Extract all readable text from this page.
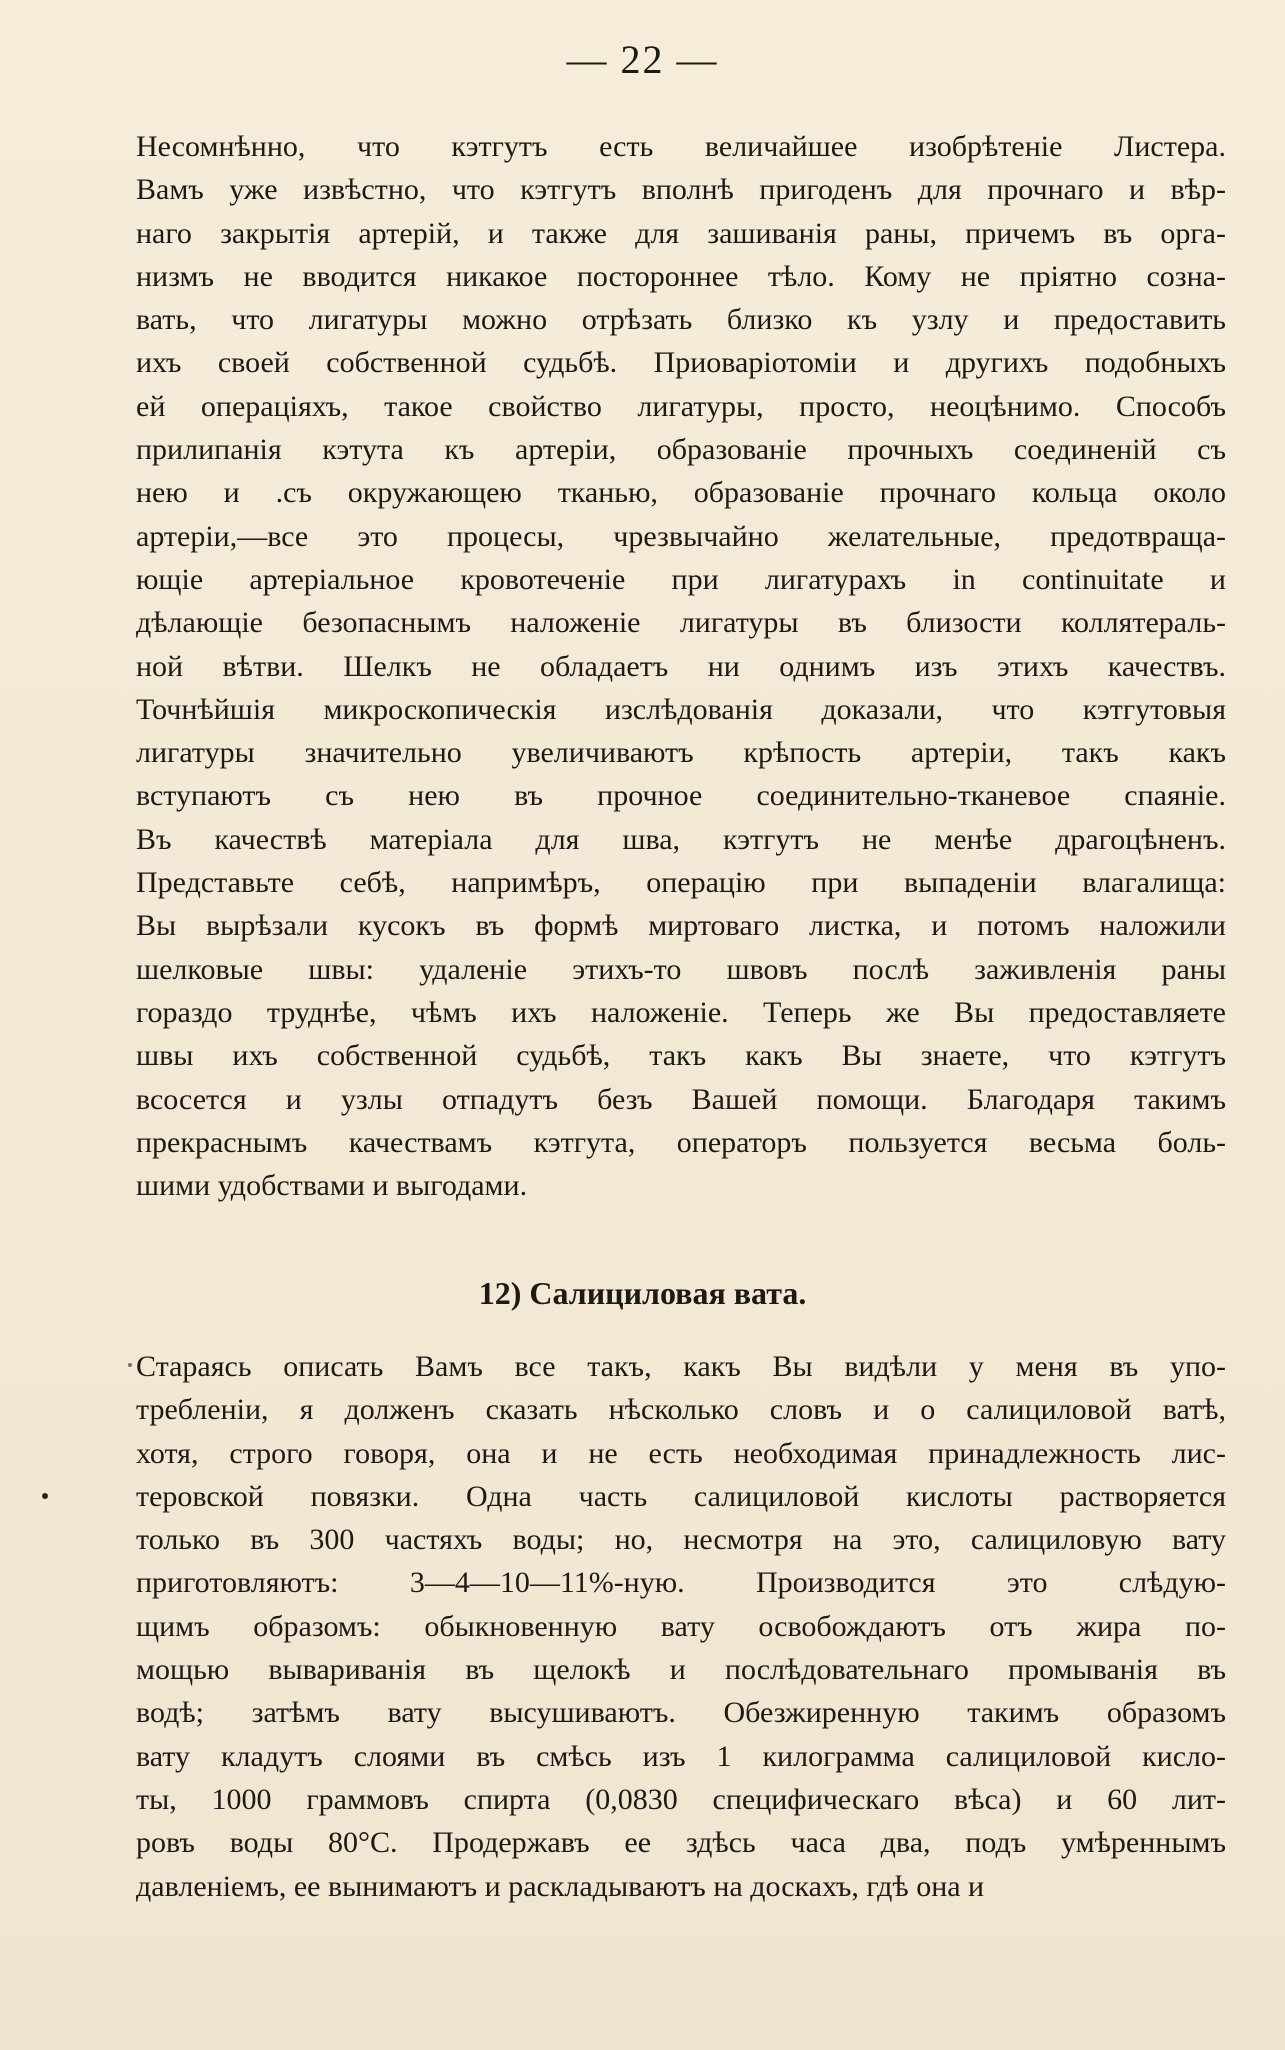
— 22 —

Несомнѣнно, что кэтгутъ есть величайшее изобрѣтеніе Листера.
Вамъ уже извѣстно, что кэтгутъ вполнѣ пригоденъ для прочнаго и вѣр-
наго закрытія артерій, и также для зашиванія раны, причемъ въ орга-
низмъ не вводится никакое постороннее тѣло. Кому не пріятно созна-
вать, что лигатуры можно отрѣзать близко къ узлу и предоставить
ихъ своей собственной судьбѣ. Приоваріотоміи и другихъ подобныхъ
ей операціяхъ, такое свойство лигатуры, просто, неоцѣнимо. Способъ
прилипанія кэтута къ артеріи, образованіе прочныхъ соединеній съ
нею и .съ окружающею тканью, образованіе прочнаго кольца около
артеріи,—все это процесы, чрезвычайно желательные, предотвраща-
ющіе артеріальное кровотеченіе при лигатурахъ in continuitate и
дѣлающіе безопаснымъ наложеніе лигатуры въ близости коллятераль-
ной вѣтви. Шелкъ не обладаетъ ни однимъ изъ этихъ качествъ.
Точнѣйшія микроскопическія изслѣдованія доказали, что кэтгутовыя
лигатуры значительно увеличиваютъ крѣпость артеріи, такъ какъ
вступаютъ съ нею въ прочное соединительно-тканевое спаяніе.
Въ качествѣ матеріала для шва, кэтгутъ не менѣе драгоцѣненъ.
Представьте себѣ, напримѣръ, операцію при выпаденіи влагалища:
Вы вырѣзали кусокъ въ формѣ миртоваго листка, и потомъ наложили
шелковые швы: удаленіе этихъ-то швовъ послѣ заживленія раны
гораздо труднѣе, чѣмъ ихъ наложеніе. Теперь же Вы предоставляете
швы ихъ собственной судьбѣ, такъ какъ Вы знаете, что кэтгутъ
всосется и узлы отпадутъ безъ Вашей помощи. Благодаря такимъ
прекраснымъ качествамъ кэтгута, операторъ пользуется весьма боль-
шими удобствами и выгодами.

12) Салициловая вата.

Стараясь описать Вамъ все такъ, какъ Вы видѣли у меня въ упо-
требленіи, я долженъ сказать нѣсколько словъ и о салициловой ватѣ,
хотя, строго говоря, она и не есть необходимая принадлежность лис-
теровской повязки. Одна часть салициловой кислоты растворяется
только въ 300 частяхъ воды; но, несмотря на это, салициловую вату
приготовляютъ: 3—4—10—11%-ную. Производится это слѣдую-
щимъ образомъ: обыкновенную вату освобождаютъ отъ жира по-
мощью вывариванія въ щелокѣ и послѣдовательнаго промыванія въ
водѣ; затѣмъ вату высушиваютъ. Обезжиренную такимъ образомъ
вату кладутъ слоями въ смѣсь изъ 1 килограмма салициловой кисло-
ты, 1000 граммовъ спирта (0,0830 специфическаго вѣса) и 60 лит-
ровъ воды 80°С. Продержавъ ее здѣсь часа два, подъ умѣреннымъ
давленіемъ, ее вынимаютъ и раскладываютъ на доскахъ, гдѣ она и
